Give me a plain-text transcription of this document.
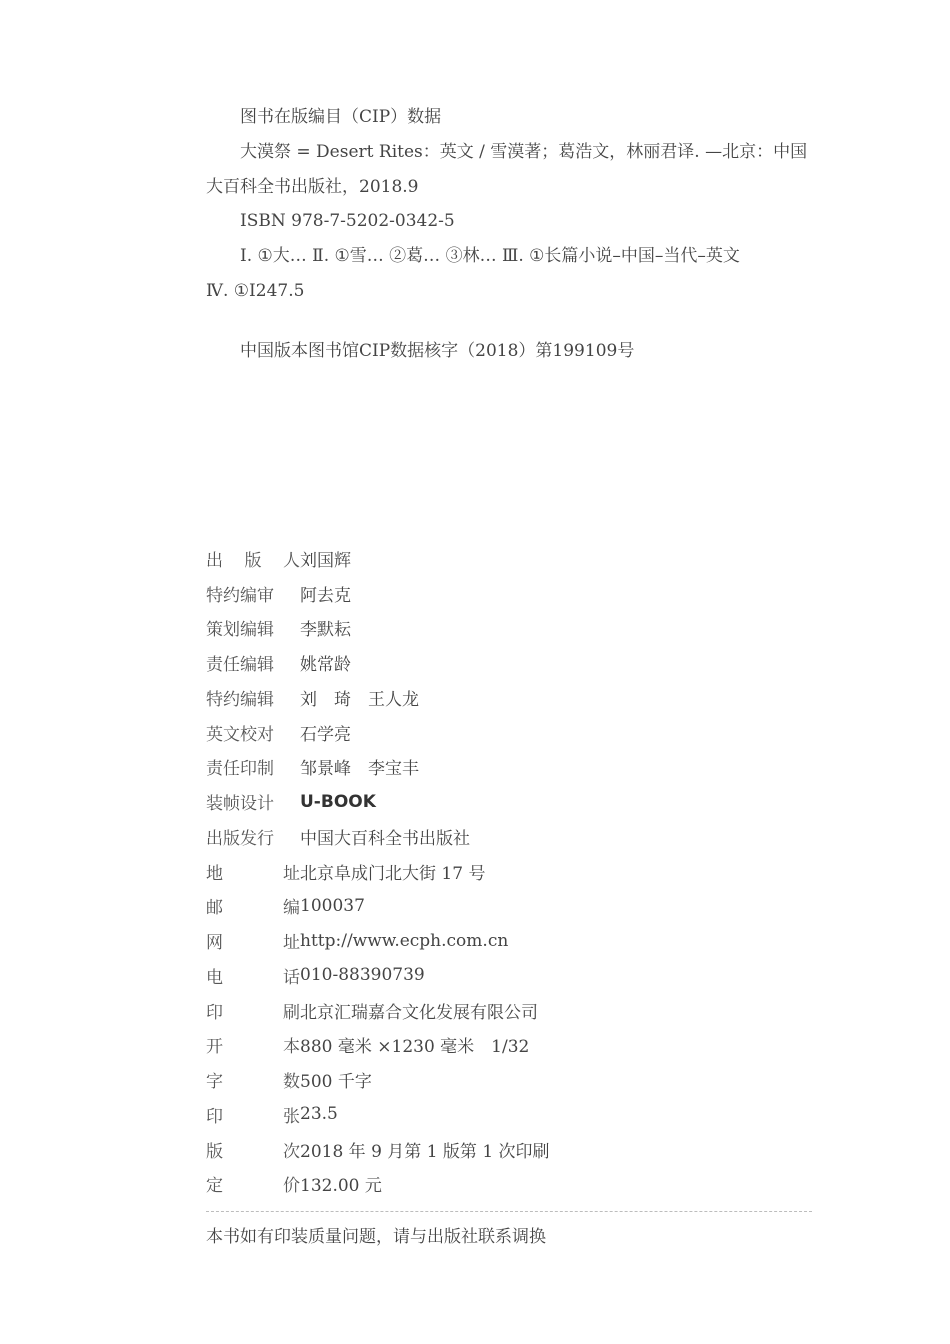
图书在版编目（CIP）数据
大漠祭 = Desert Rites：英文 / 雪漠著；葛浩文，林丽君译. —北京：中国
大百科全书出版社，2018.9
ISBN 978-7-5202-0342-5
Ⅰ. ①大… Ⅱ. ①雪… ②葛… ③林… Ⅲ. ①长篇小说–中国–当代–英文
Ⅳ. ①I247.5
中国版本图书馆CIP数据核字（2018）第199109号
出 版 人 刘国辉
特约编审	阿去克
策划编辑	李默耘
责任编辑	姚常龄
特约编辑	刘　琦　王人龙
英文校对	石学亮
责任印制	邹景峰　李宝丰
装帧设计	U-BOOK
出版发行	中国大百科全书出版社
地	址 北京阜成门北大街 17 号
邮	编 100037
网	址 http://www.ecph.com.cn
电	话 010-88390739
印	刷 北京汇瑞嘉合文化发展有限公司
开	本 880 毫米 ×1230 毫米　1/32
字	数 500 千字
印	张 23.5
版	次 2018 年 9 月第 1 版第 1 次印刷
定	价 132.00 元
本书如有印装质量问题，请与出版社联系调换
